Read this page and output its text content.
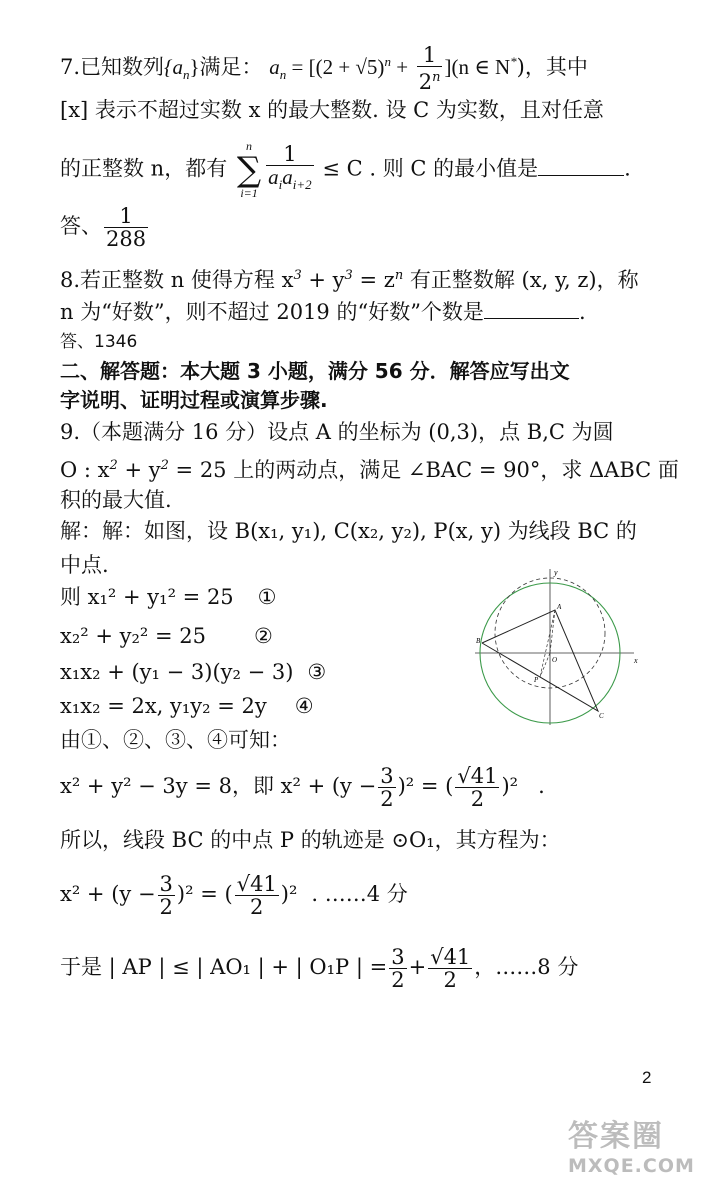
7.已知数列$\{a_n\}$满足： $a_n = [(2 + √5)^n + \frac{1}{2^n} ](n$ ∈ N*)，其中
[x] 表示不超过实数 x 的最大整数. 设 C 为实数，且对任意
的正整数 n，都有 n
∑
$i=1 \frac{1}{a_ia_{i+2}} \le C$ . 则 C 的最小值是	.
答、 $\frac{1}{288}$
8.若正整数 n 使得方程 $x^3 + y^3 = z^n$ 有正整数解 (x, y, z)，称
n 为“好数”，则不超过 2019 的“好数”个数是	.
答、1346
二、解答题：本大题 3 小题，满分 56 分．解答应写出文
字说明、证明过程或演算步骤.
9.（本题满分 16 分）设点 A 的坐标为 (0,3)，点 B,C 为圆
O : $x^2 + y^2 = 25$ 上的两动点，满足 ∠BAC = 90°，求 ΔABC 面
积的最大值.
解：解：如图，设 B(x₁, y₁), C(x₂, y₂), P(x, y) 为线段 BC 的
中点.
则 x₁² + y₁² = 25 ①
x₂² + y₂² = 25 ②
x₁x₂ + (y₁ − 3)(y₂ − 3) ③
x₁x₂ = 2x, y₁y₂ = 2y ④
由①、②、③、④可知：
x² + y² − 3y = 8，即 $x^2 + (y - \frac{3}{2} )^2$ = ( $\frac{√41}{2} )^2$ .
所以，线段 BC 的中点 P 的轨迹是 ⊙O₁，其方程为：
$x^2 + (y - \frac{3}{2} )^2$ = ( $\frac{√41}{2} )^2$ . ……4 分
于是 | AP | ≤ | AO₁ | + | O₁P | = $\frac{3}{2} + \frac{√41}{2}$ ，……8 分
x
y
A
B
C
P
O
2
答案圈
MXQE.COM
